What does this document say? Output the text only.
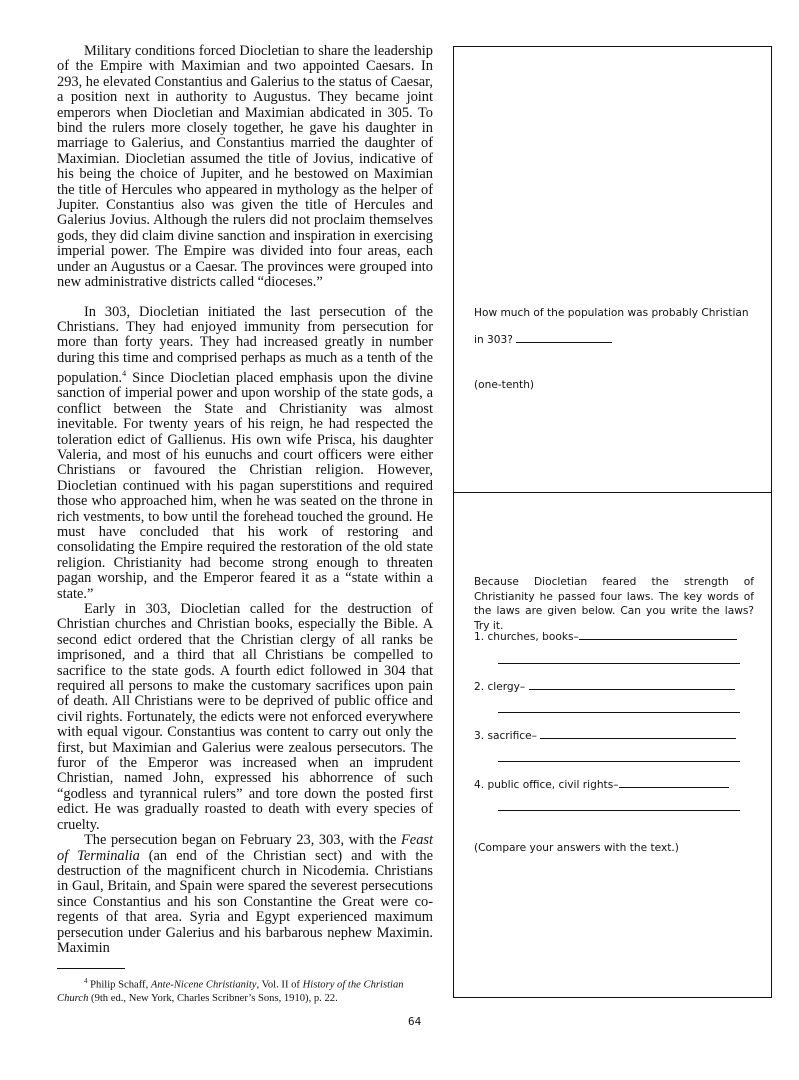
Military conditions forced Diocletian to share the leadership of the Empire with Maximian and two appointed Caesars. In 293, he elevated Constantius and Galerius to the status of Caesar, a position next in authority to Augustus. They became joint emperors when Diocletian and Maximian abdicated in 305. To bind the rulers more closely together, he gave his daughter in marriage to Galerius, and Constantius married the daughter of Maximian. Diocletian assumed the title of Jovius, indicative of his being the choice of Jupiter, and he bestowed on Maximian the title of Hercules who appeared in mythology as the helper of Jupiter. Constantius also was given the title of Hercules and Galerius Jovius. Although the rulers did not proclaim themselves gods, they did claim divine sanction and inspiration in exercising imperial power. The Empire was divided into four areas, each under an Augustus or a Caesar. The provinces were grouped into new administrative districts called “dioceses.”

In 303, Diocletian initiated the last persecution of the Christians. They had enjoyed immunity from persecution for more than forty years. They had increased greatly in number during this time and comprised perhaps as much as a tenth of the population.$^4$ Since Diocletian placed emphasis upon the divine sanction of imperial power and upon worship of the state gods, a conflict between the State and Christianity was almost inevitable. For twenty years of his reign, he had respected the toleration edict of Gallienus. His own wife Prisca, his daughter Valeria, and most of his eunuchs and court officers were either Christians or favoured the Christian religion. However, Diocletian continued with his pagan superstitions and required those who approached him, when he was seated on the throne in rich vestments, to bow until the forehead touched the ground. He must have concluded that his work of restoring and consolidating the Empire required the restoration of the old state religion. Christianity had become strong enough to threaten pagan worship, and the Emperor feared it as a “state within a state.”

Early in 303, Diocletian called for the destruction of Christian churches and Christian books, especially the Bible. A second edict ordered that the Christian clergy of all ranks be imprisoned, and a third that all Christians be compelled to sacrifice to the state gods. A fourth edict followed in 304 that required all persons to make the customary sacrifices upon pain of death. All Christians were to be deprived of public office and civil rights. Fortunately, the edicts were not enforced everywhere with equal vigour. Constantius was content to carry out only the first, but Maximian and Galerius were zealous persecutors. The furor of the Emperor was increased when an imprudent Christian, named John, expressed his abhorrence of such “godless and tyrannical rulers” and tore down the posted first edict. He was gradually roasted to death with every species of cruelty.

The persecution began on February 23, 303, with the Feast of Terminalia (an end of the Christian sect) and with the destruction of the magnificent church in Nicodemia. Christians in Gaul, Britain, and Spain were spared the severest persecutions since Constantius and his son Constantine the Great were co-regents of that area. Syria and Egypt experienced maximum persecution under Galerius and his barbarous nephew Maximin. Maximin

How much of the population was probably Christian
in 303?
(one-tenth)
Because Diocletian feared the strength of Christianity he passed four laws. The key words of the laws are given below. Can you write the laws? Try it.
1. churches, books–
2. clergy–
3. sacrifice–
4. public office, civil rights–
(Compare your answers with the text.)
$^4$ Philip Schaff, Ante-Nicene Christianity, Vol. II of History of the Christian Church (9th ed., New York, Charles Scribner’s Sons, 1910), p. 22.
64
